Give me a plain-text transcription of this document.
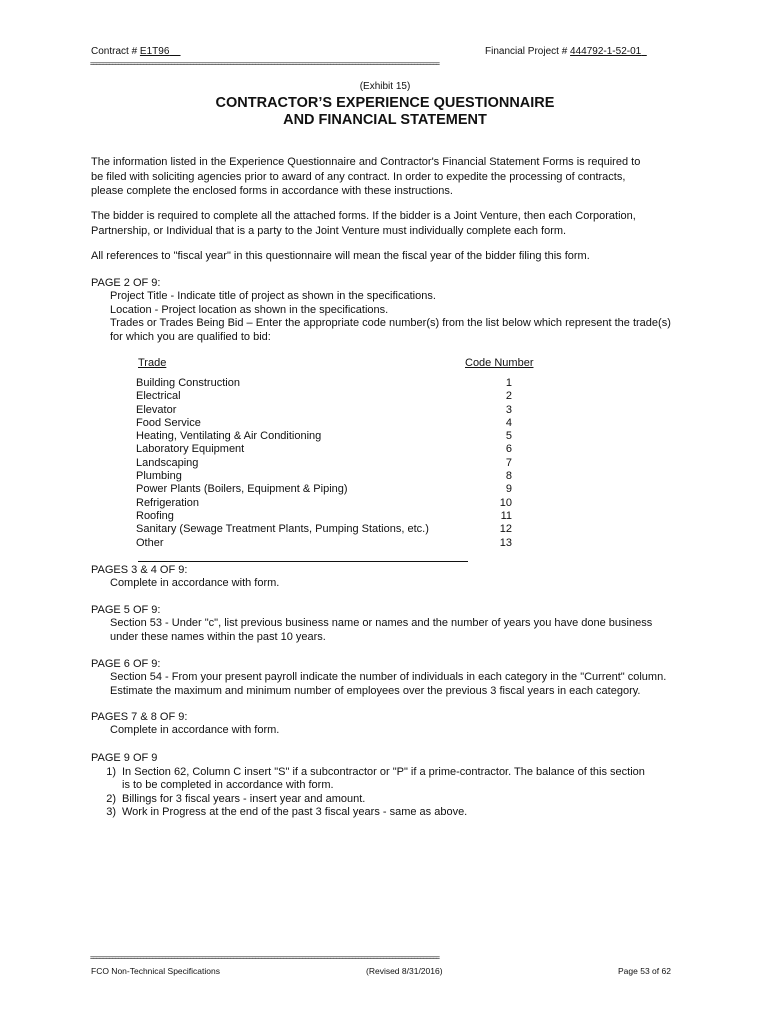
Contract # E1T96	Financial Project # 444792-1-52-01
================================================================================================================
(Exhibit 15)
CONTRACTOR’S EXPERIENCE QUESTIONNAIRE
AND FINANCIAL STATEMENT
The information listed in the Experience Questionnaire and Contractor's Financial Statement Forms is required to
be filed with soliciting agencies prior to award of any contract. In order to expedite the processing of contracts,
please complete the enclosed forms in accordance with these instructions.
The bidder is required to complete all the attached forms. If the bidder is a Joint Venture, then each Corporation,
Partnership, or Individual that is a party to the Joint Venture must individually complete each form.
All references to "fiscal year" in this questionnaire will mean the fiscal year of the bidder filing this form.
PAGE 2 OF 9:
Project Title - Indicate title of project as shown in the specifications.
Location - Project location as shown in the specifications.
Trades or Trades Being Bid – Enter the appropriate code number(s) from the list below which represent the trade(s)
for which you are qualified to bid:
Trade	Code Number
Building Construction	1
Electrical	2
Elevator	3
Food Service	4
Heating, Ventilating & Air Conditioning	5
Laboratory Equipment	6
Landscaping	7
Plumbing	8
Power Plants (Boilers, Equipment & Piping)	9
Refrigeration	10
Roofing	11
Sanitary (Sewage Treatment Plants, Pumping Stations, etc.)	12
Other	13
PAGES 3 & 4 OF 9:
Complete in accordance with form.
PAGE 5 OF 9:
Section 53 - Under "c", list previous business name or names and the number of years you have done business
under these names within the past 10 years.
PAGE 6 OF 9:
Section 54 - From your present payroll indicate the number of individuals in each category in the "Current" column.
Estimate the maximum and minimum number of employees over the previous 3 fiscal years in each category.
PAGES 7 & 8 OF 9:
Complete in accordance with form.
PAGE 9 OF 9
1) In Section 62, Column C insert "S" if a subcontractor or "P" if a prime-contractor. The balance of this section
is to be completed in accordance with form.
2) Billings for 3 fiscal years - insert year and amount.
3) Work in Progress at the end of the past 3 fiscal years - same as above.
================================================================================================================
FCO Non-Technical Specifications	(Revised 8/31/2016)	Page 53 of 62
